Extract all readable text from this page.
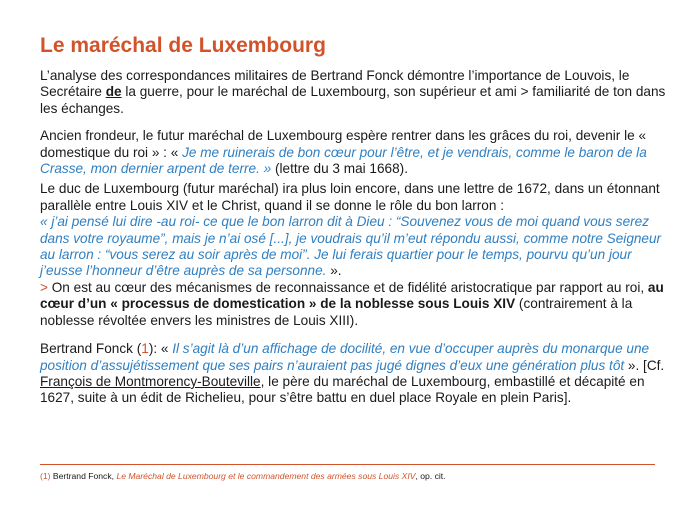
Le maréchal de Luxembourg

L’analyse des correspondances militaires de Bertrand Fonck démontre l’importance de Louvois, le Secrétaire de la guerre, pour le maréchal de Luxembourg, son supérieur et ami > familiarité de ton dans les échanges.

Ancien frondeur, le futur maréchal de Luxembourg espère rentrer dans les grâces du roi, devenir le « domestique du roi » : « Je me ruinerais de bon cœur pour l’être, et je vendrais, comme le baron de la Crasse, mon dernier arpent de terre. » (lettre du 3 mai 1668).

Le duc de Luxembourg (futur maréchal) ira plus loin encore, dans une lettre de 1672, dans un étonnant parallèle entre Louis XIV et le Christ, quand il se donne le rôle du bon larron :
« j’ai pensé lui dire -au roi- ce que le bon larron dit à Dieu : “Souvenez vous de moi quand vous serez dans votre royaume”, mais je n’ai osé [...], je voudrais qu’il m’eut répondu aussi, comme notre Seigneur au larron : “vous serez au soir après de moi”. Je lui ferais quartier pour le temps, pourvu qu’un jour j’eusse l’honneur d’être auprès de sa personne. ».

> On est au cœur des mécanismes de reconnaissance et de fidélité aristocratique par rapport au roi, au cœur d’un « processus de domestication » de la noblesse sous Louis XIV (contrairement à la noblesse révoltée envers les ministres de Louis XIII).

Bertrand Fonck (1): « Il s’agit là d’un affichage de docilité, en vue d’occuper auprès du monarque une position d’assujétissement que ses pairs n’auraient pas jugé dignes d’eux une génération plus tôt ». [Cf. François de Montmorency-Bouteville, le père du maréchal de Luxembourg, embastillé et décapité en 1627, suite à un édit de Richelieu, pour s’être battu en duel place Royale en plein Paris].

(1) Bertrand Fonck, Le Maréchal de Luxembourg et le commandement des armées sous Louis XIV, op. cit.
